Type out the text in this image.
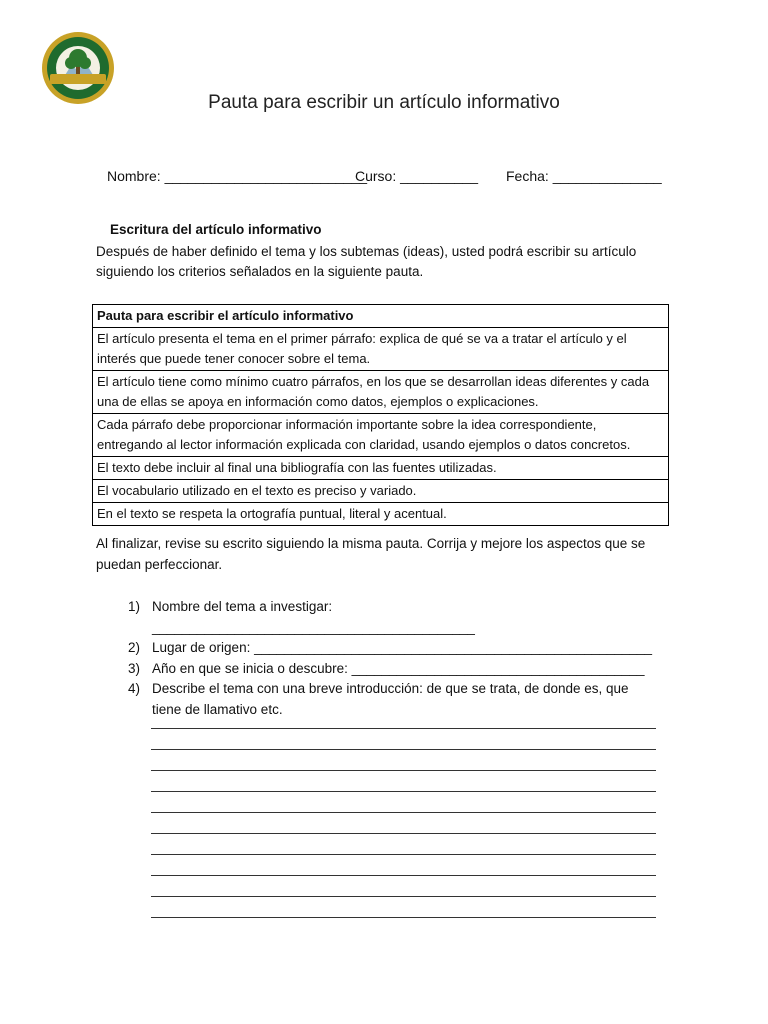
Pauta para escribir un artículo informativo
Nombre: __________________________
Curso: __________ Fecha: ______________
Escritura del artículo informativo
Después de haber definido el tema y los subtemas (ideas), usted podrá escribir su artículo siguiendo los criterios señalados en la siguiente pauta.
Pauta para escribir el artículo informativo
El artículo presenta el tema en el primer párrafo: explica de qué se va a tratar el artículo y el interés que puede tener conocer sobre el tema.
El artículo tiene como mínimo cuatro párrafos, en los que se desarrollan ideas diferentes y cada una de ellas se apoya en información como datos, ejemplos o explicaciones.
Cada párrafo debe proporcionar información importante sobre la idea correspondiente, entregando al lector información explicada con claridad, usando ejemplos o datos concretos.
El texto debe incluir al final una bibliografía con las fuentes utilizadas.
El vocabulario utilizado en el texto es preciso y variado.
En el texto se respeta la ortografía puntual, literal y acentual.
Al finalizar, revise su escrito siguiendo la misma pauta. Corrija y mejore los aspectos que se puedan perfeccionar.
1) Nombre del tema a investigar: ___________________________________________
2) Lugar de origen: _____________________________________________________
3) Año en que se inicia o descubre: _______________________________________
4) Describe el tema con una breve introducción: de que se trata, de donde es, que tiene de llamativo etc.
